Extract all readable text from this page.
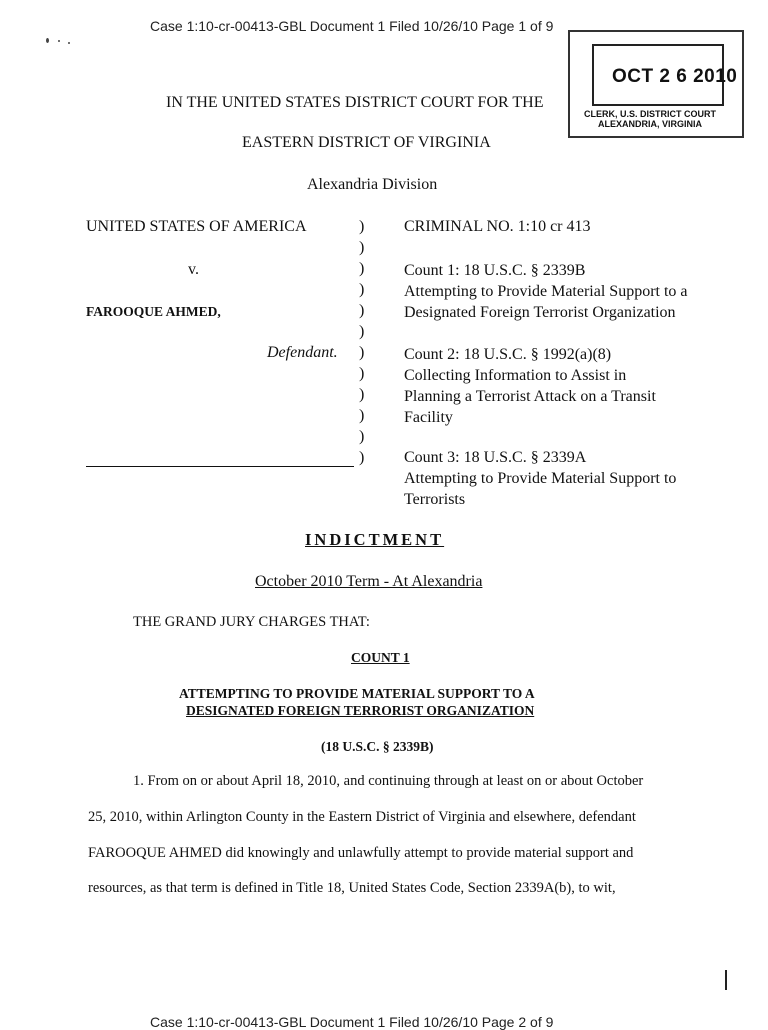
Case 1:10-cr-00413-GBL Document 1 Filed 10/26/10 Page 1 of 9
OCT 2 6 2010
CLERK, U.S. DISTRICT COURT
ALEXANDRIA, VIRGINIA
IN THE UNITED STATES DISTRICT COURT FOR THE
EASTERN DISTRICT OF VIRGINIA
Alexandria Division
UNITED STATES OF AMERICA
v.
FAROOQUE AHMED,
Defendant.
)
)
)
)
)
)
)
)
)
)
)
)
CRIMINAL NO. 1:10 cr 413
Count 1: 18 U.S.C. § 2339B
Attempting to Provide Material Support to a
Designated Foreign Terrorist Organization
Count 2: 18 U.S.C. § 1992(a)(8)
Collecting Information to Assist in
Planning a Terrorist Attack on a Transit
Facility
Count 3: 18 U.S.C. § 2339A
Attempting to Provide Material Support to
Terrorists
INDICTMENT
October 2010 Term - At Alexandria
THE GRAND JURY CHARGES THAT:
COUNT 1
ATTEMPTING TO PROVIDE MATERIAL SUPPORT TO A
DESIGNATED FOREIGN TERRORIST ORGANIZATION
(18 U.S.C. § 2339B)
1. From on or about April 18, 2010, and continuing through at least on or about October
25, 2010, within Arlington County in the Eastern District of Virginia and elsewhere, defendant
FAROOQUE AHMED did knowingly and unlawfully attempt to provide material support and
resources, as that term is defined in Title 18, United States Code, Section 2339A(b), to wit,
Case 1:10-cr-00413-GBL Document 1 Filed 10/26/10 Page 2 of 9
